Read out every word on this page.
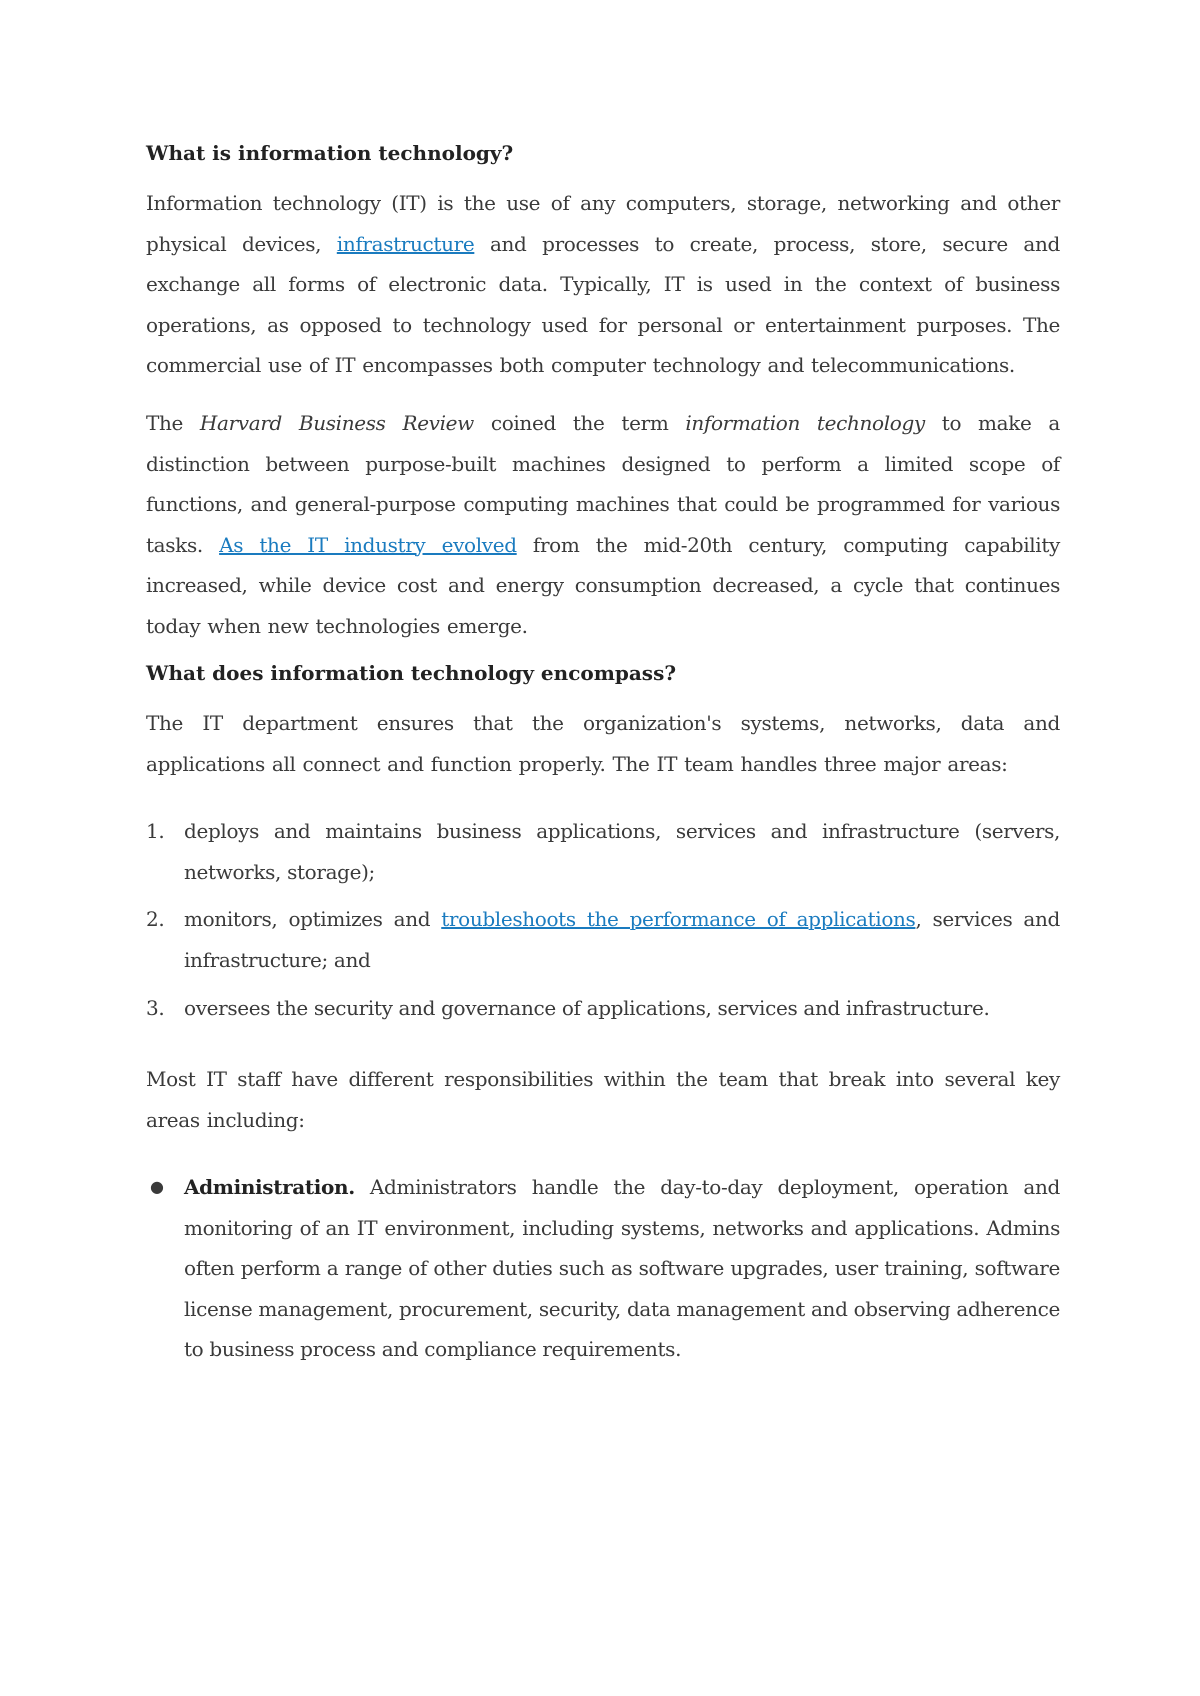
What is information technology?

Information technology (IT) is the use of any computers, storage, networking and other physical devices, infrastructure and processes to create, process, store, secure and exchange all forms of electronic data. Typically, IT is used in the context of business operations, as opposed to technology used for personal or entertainment purposes. The commercial use of IT encompasses both computer technology and telecommunications.

The Harvard Business Review coined the term information technology to make a distinction between purpose-built machines designed to perform a limited scope of functions, and general-purpose computing machines that could be programmed for various tasks. As the IT industry evolved from the mid-20th century, computing capability increased, while device cost and energy consumption decreased, a cycle that continues today when new technologies emerge.

What does information technology encompass?

The IT department ensures that the organization's systems, networks, data and applications all connect and function properly. The IT team handles three major areas:

1. deploys and maintains business applications, services and infrastructure (servers, networks, storage);
2. monitors, optimizes and troubleshoots the performance of applications, services and infrastructure; and
3. oversees the security and governance of applications, services and infrastructure.

Most IT staff have different responsibilities within the team that break into several key areas including:

● Administration. Administrators handle the day-to-day deployment, operation and monitoring of an IT environment, including systems, networks and applications. Admins often perform a range of other duties such as software upgrades, user training, software license management, procurement, security, data management and observing adherence to business process and compliance requirements.
